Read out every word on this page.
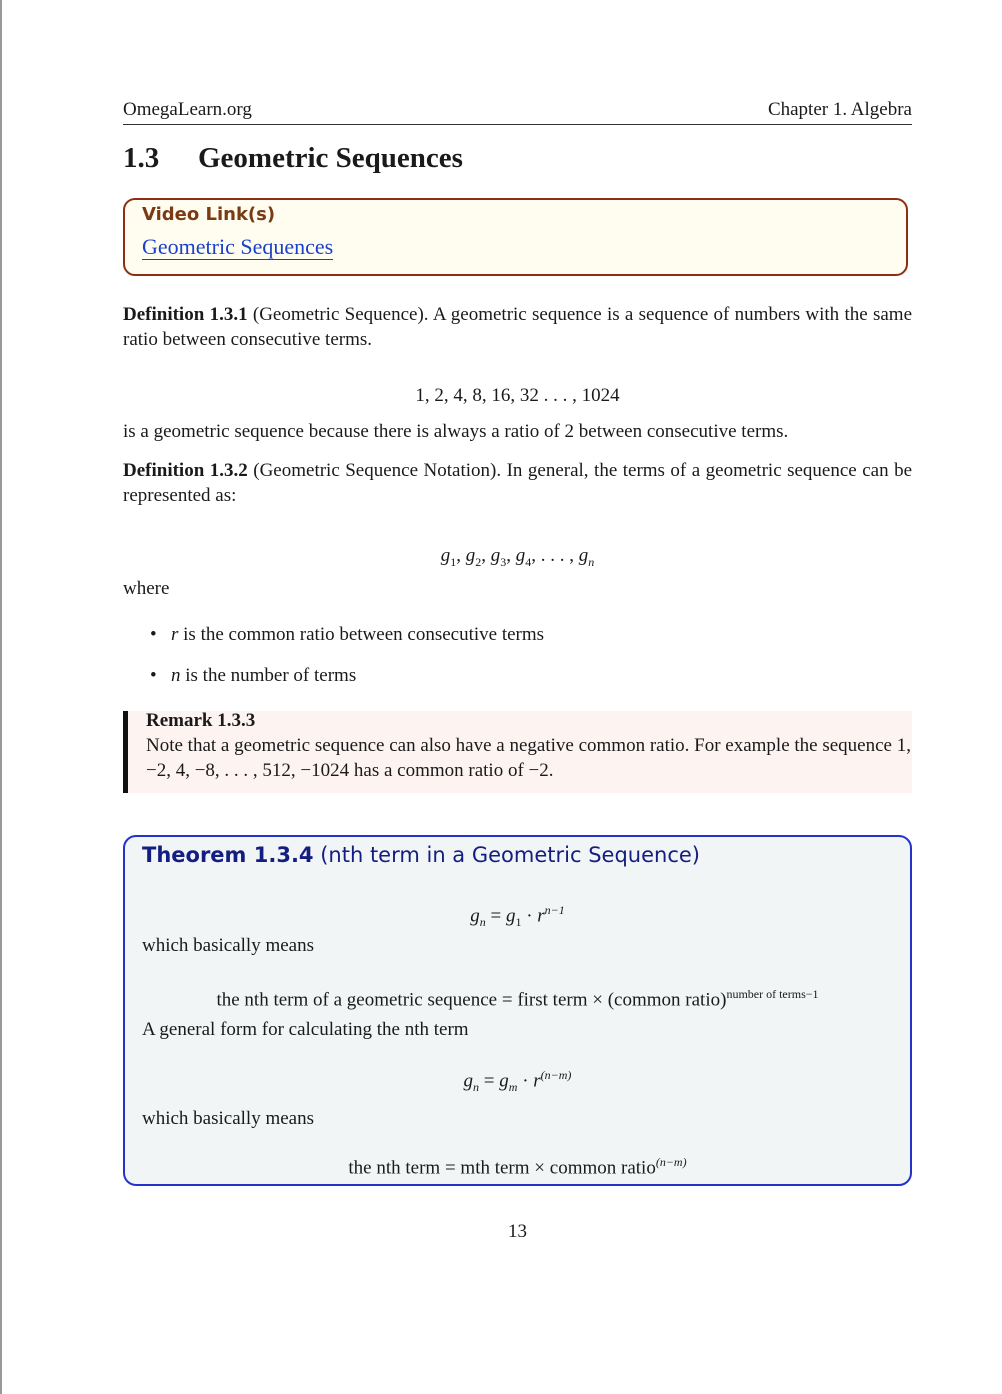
OmegaLearn.org	Chapter 1. Algebra
1.3 Geometric Sequences
Video Link(s)
Geometric Sequences

Definition 1.3.1 (Geometric Sequence). A geometric sequence is a sequence of numbers with the same ratio between consecutive terms.

1, 2, 4, 8, 16, 32 . . . , 1024

is a geometric sequence because there is always a ratio of 2 between consecutive terms.

Definition 1.3.2 (Geometric Sequence Notation). In general, the terms of a geometric sequence can be represented as:

$g_1$, $g_2$, $g_3$, $g_4$, . . . , $g_n$

where

• r is the common ratio between consecutive terms
• n is the number of terms
Remark 1.3.3
Note that a geometric sequence can also have a negative common ratio. For example the sequence 1, −2, 4, −8, . . . , 512, −1024 has a common ratio of −2.
Theorem 1.3.4 (nth term in a Geometric Sequence)
$g_n = g_1 \cdot r^{n-1}$
which basically means
the nth term of a geometric sequence = first term × (common ratio)$^{number of terms-1}$
A general form for calculating the nth term
$g_n = g_m \cdot r^{(n-m)}$
which basically means
the nth term = mth term × common ratio$^{(n-m)}$
13
